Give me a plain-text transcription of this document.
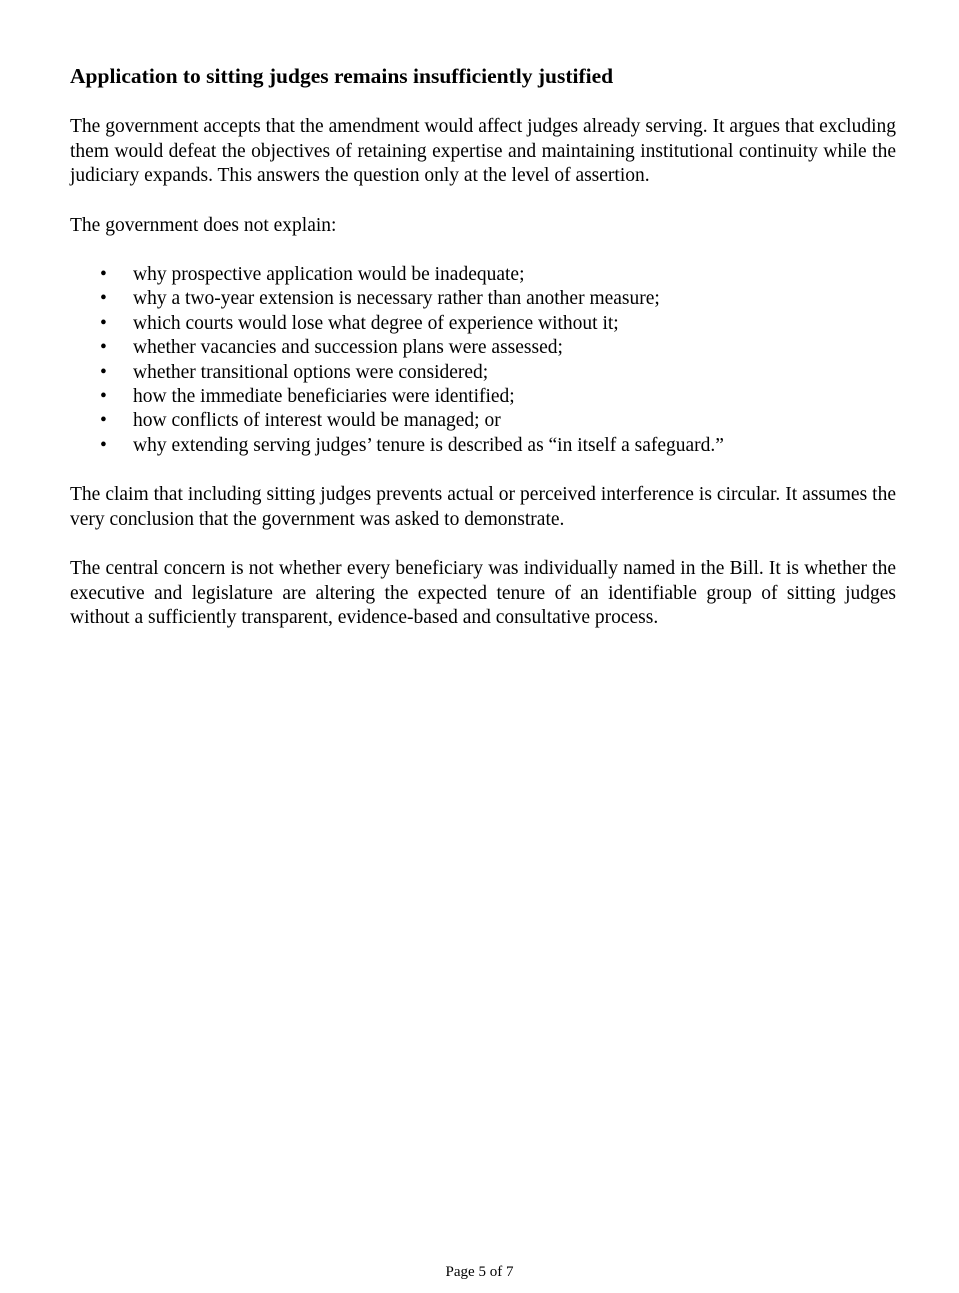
Application to sitting judges remains insufficiently justified

The government accepts that the amendment would affect judges already serving. It argues that excluding them would defeat the objectives of retaining expertise and maintaining institutional continuity while the judiciary expands. This answers the question only at the level of assertion.

The government does not explain:

• why prospective application would be inadequate;
• why a two-year extension is necessary rather than another measure;
• which courts would lose what degree of experience without it;
• whether vacancies and succession plans were assessed;
• whether transitional options were considered;
• how the immediate beneficiaries were identified;
• how conflicts of interest would be managed; or
• why extending serving judges’ tenure is described as “in itself a safeguard.”

The claim that including sitting judges prevents actual or perceived interference is circular. It assumes the very conclusion that the government was asked to demonstrate.

The central concern is not whether every beneficiary was individually named in the Bill. It is whether the executive and legislature are altering the expected tenure of an identifiable group of sitting judges without a sufficiently transparent, evidence-based and consultative process.

Page 5 of 7
